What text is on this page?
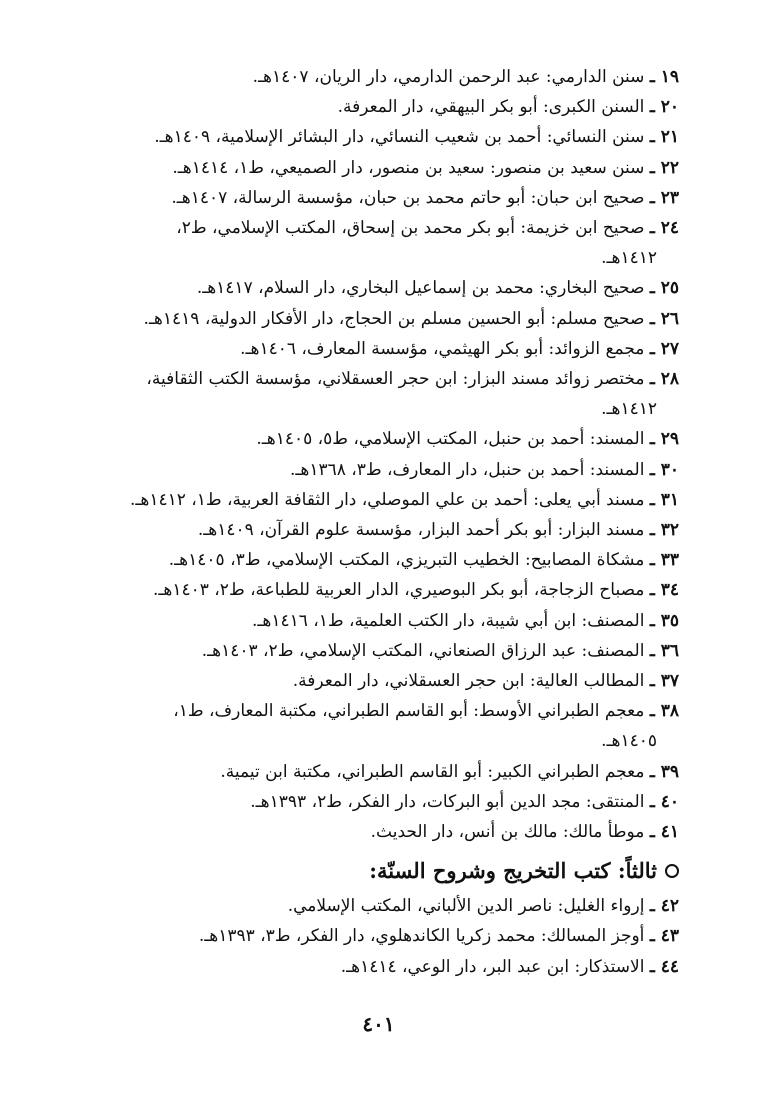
١٩ ـ سنن الدارمي: عبد الرحمن الدارمي، دار الريان، ١٤٠٧هـ.
٢٠ ـ السنن الكبرى: أبو بكر البيهقي، دار المعرفة.
٢١ ـ سنن النسائي: أحمد بن شعيب النسائي، دار البشائر الإسلامية، ١٤٠٩هـ.
٢٢ ـ سنن سعيد بن منصور: سعيد بن منصور، دار الصميعي، ط١، ١٤١٤هـ.
٢٣ ـ صحيح ابن حبان: أبو حاتم محمد بن حبان، مؤسسة الرسالة، ١٤٠٧هـ.
٢٤ ـ صحيح ابن خزيمة: أبو بكر محمد بن إسحاق، المكتب الإسلامي، ط٢،
١٤١٢هـ.
٢٥ ـ صحيح البخاري: محمد بن إسماعيل البخاري، دار السلام، ١٤١٧هـ.
٢٦ ـ صحيح مسلم: أبو الحسين مسلم بن الحجاج، دار الأفكار الدولية، ١٤١٩هـ.
٢٧ ـ مجمع الزوائد: أبو بكر الهيثمي، مؤسسة المعارف، ١٤٠٦هـ.
٢٨ ـ مختصر زوائد مسند البزار: ابن حجر العسقلاني، مؤسسة الكتب الثقافية،
١٤١٢هـ.
٢٩ ـ المسند: أحمد بن حنبل، المكتب الإسلامي، ط٥، ١٤٠٥هـ.
٣٠ ـ المسند: أحمد بن حنبل، دار المعارف، ط٣، ١٣٦٨هـ.
٣١ ـ مسند أبي يعلى: أحمد بن علي الموصلي، دار الثقافة العربية، ط١، ١٤١٢هـ.
٣٢ ـ مسند البزار: أبو بكر أحمد البزار، مؤسسة علوم القرآن، ١٤٠٩هـ.
٣٣ ـ مشكاة المصابيح: الخطيب التبريزي، المكتب الإسلامي، ط٣، ١٤٠٥هـ.
٣٤ ـ مصباح الزجاجة، أبو بكر البوصيري، الدار العربية للطباعة، ط٢، ١٤٠٣هـ.
٣٥ ـ المصنف: ابن أبي شيبة، دار الكتب العلمية، ط١، ١٤١٦هـ.
٣٦ ـ المصنف: عبد الرزاق الصنعاني، المكتب الإسلامي، ط٢، ١٤٠٣هـ.
٣٧ ـ المطالب العالية: ابن حجر العسقلاني، دار المعرفة.
٣٨ ـ معجم الطبراني الأوسط: أبو القاسم الطبراني، مكتبة المعارف، ط١،
١٤٠٥هـ.
٣٩ ـ معجم الطبراني الكبير: أبو القاسم الطبراني، مكتبة ابن تيمية.
٤٠ ـ المنتقى: مجد الدين أبو البركات، دار الفكر، ط٢، ١٣٩٣هـ.
٤١ ـ موطأ مالك: مالك بن أنس، دار الحديث.
ثالثاً: كتب التخريج وشروح السنّة:
٤٢ ـ إرواء الغليل: ناصر الدين الألباني، المكتب الإسلامي.
٤٣ ـ أوجز المسالك: محمد زكريا الكاندهلوي، دار الفكر، ط٣، ١٣٩٣هـ.
٤٤ ـ الاستذكار: ابن عبد البر، دار الوعي، ١٤١٤هـ.
٤٠١
